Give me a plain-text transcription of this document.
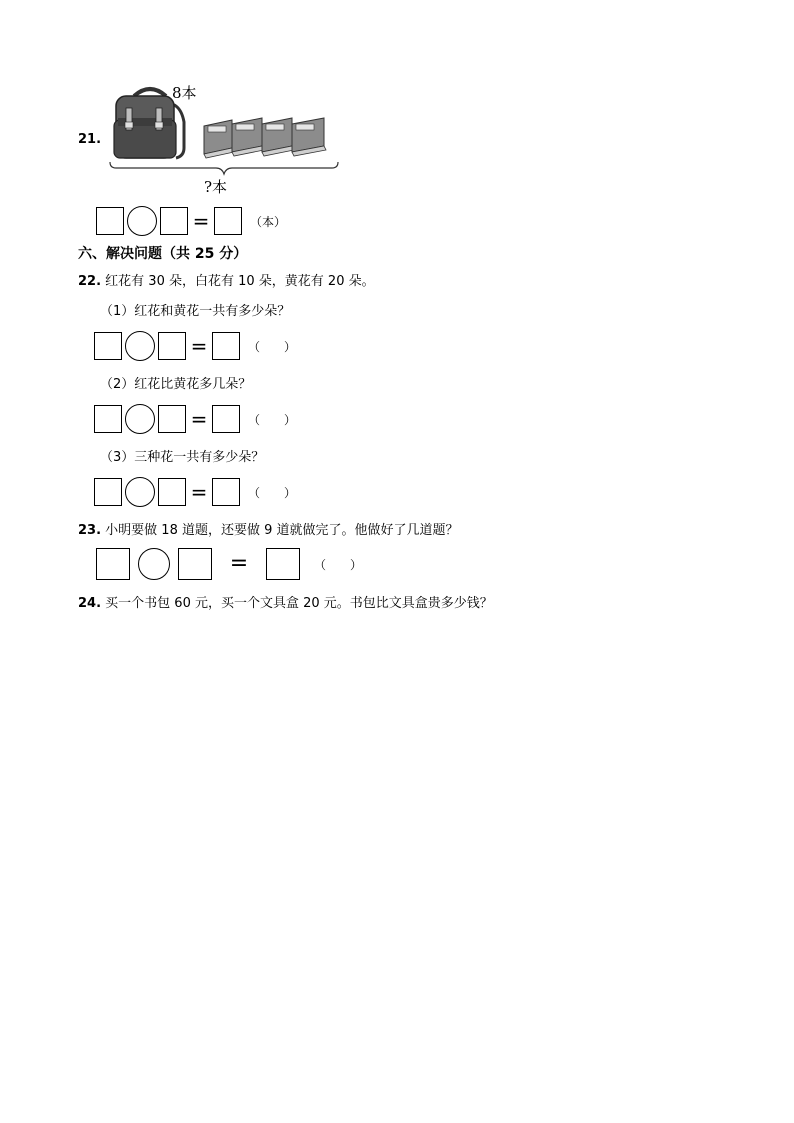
21.
8本
?本
=	（本）
六、解决问题（共 25 分）
22. 红花有 30 朵，白花有 10 朵，黄花有 20 朵。
（1）红花和黄花一共有多少朵？
=	（　　）
（2）红花比黄花多几朵？
=	（　　）
（3）三种花一共有多少朵？
=	（　　）
23. 小明要做 18 道题，还要做 9 道就做完了。他做好了几道题？
=	（　　）
24. 买一个书包 60 元，买一个文具盒 20 元。书包比文具盒贵多少钱？
